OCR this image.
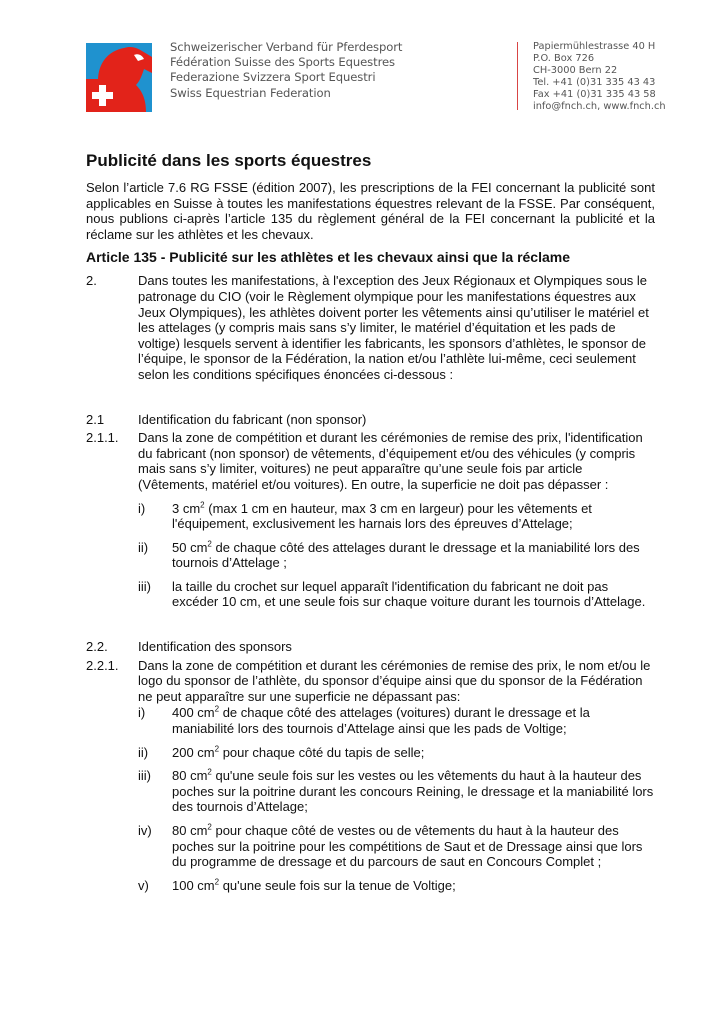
Schweizerischer Verband für Pferdesport
Fédération Suisse des Sports Equestres
Federazione Svizzera Sport Equestri
Swiss Equestrian Federation
Papiermühlestrasse 40 H
P.O. Box 726
CH-3000 Bern 22
Tel. +41 (0)31 335 43 43
Fax +41 (0)31 335 43 58
info@fnch.ch, www.fnch.ch
Publicité dans les sports équestres

Selon l’article 7.6 RG FSSE (édition 2007), les prescriptions de la FEI concernant la publicité sont applicables en Suisse à toutes les manifestations équestres relevant de la FSSE. Par conséquent, nous publions ci-après l’article 135 du règlement général de la FEI concernant la publicité et la réclame sur les athlètes et les chevaux.

Article 135 - Publicité sur les athlètes et les chevaux ainsi que la réclame
2.	Dans toutes les manifestations, à l'exception des Jeux Régionaux et Olympiques sous le patronage du CIO (voir le Règlement olympique pour les manifestations équestres aux Jeux Olympiques), les athlètes doivent porter les vêtements ainsi qu’utiliser le matériel et les attelages (y compris mais sans s’y limiter, le matériel d’équitation et les pads de voltige) lesquels servent à identifier les fabricants, les sponsors d’athlètes, le sponsor de l’équipe, le sponsor de la Fédération, la nation et/ou l’athlète lui-même, ceci seulement selon les conditions spécifiques énoncées ci-dessous :
2.1	Identification du fabricant (non sponsor)
2.1.1.	Dans la zone de compétition et durant les cérémonies de remise des prix, l'identification du fabricant (non sponsor) de vêtements, d’équipement et/ou des véhicules (y compris mais sans s’y limiter, voitures) ne peut apparaître qu’une seule fois par article (Vêtements, matériel et/ou voitures). En outre, la superficie ne doit pas dépasser :
i)	3 $cm^2$ (max 1 cm en hauteur, max 3 cm en largeur) pour les vêtements et l'équipement, exclusivement les harnais lors des épreuves d’Attelage;
ii)	50 $cm^2$ de chaque côté des attelages durant le dressage et la maniabilité lors des tournois d’Attelage ;
iii)	la taille du crochet sur lequel apparaît l'identification du fabricant ne doit pas excéder 10 cm, et une seule fois sur chaque voiture durant les tournois d’Attelage.
2.2.	Identification des sponsors
2.2.1.	Dans la zone de compétition et durant les cérémonies de remise des prix, le nom et/ou le logo du sponsor de l’athlète, du sponsor d’équipe ainsi que du sponsor de la Fédération ne peut apparaître sur une superficie ne dépassant pas:
i)	400 $cm^2$ de chaque côté des attelages (voitures) durant le dressage et la maniabilité lors des tournois d’Attelage ainsi que les pads de Voltige;
ii)	200 $cm^2$ pour chaque côté du tapis de selle;
iii)	80 $cm^2$ qu'une seule fois sur les vestes ou les vêtements du haut à la hauteur des poches sur la poitrine durant les concours Reining, le dressage et la maniabilité lors des tournois d’Attelage;
iv)	80 $cm^2$ pour chaque côté de vestes ou de vêtements du haut à la hauteur des poches sur la poitrine pour les compétitions de Saut et de Dressage ainsi que lors du programme de dressage et du parcours de saut en Concours Complet ;
v)	100 $cm^2$ qu'une seule fois sur la tenue de Voltige;
